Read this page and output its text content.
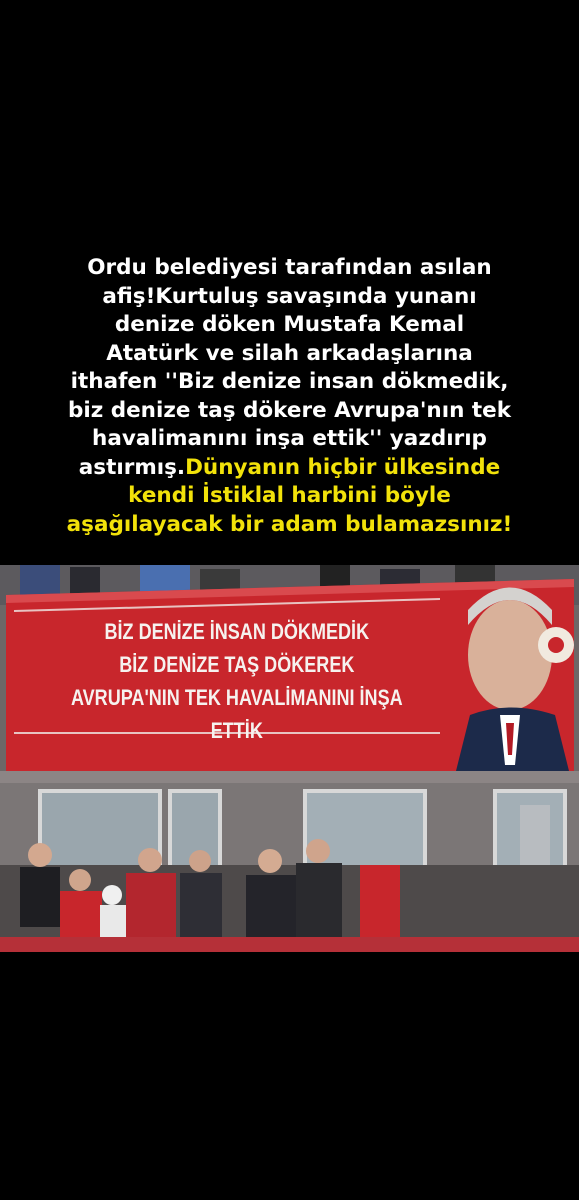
Ordu belediyesi tarafından asılan
afiş!Kurtuluş savaşında yunanı
denize döken Mustafa Kemal
Atatürk ve silah arkadaşlarına
ithafen ''Biz denize insan dökmedik,
biz denize taş dökere Avrupa'nın tek
havalimanını inşa ettik'' yazdırıp
astırmış.Dünyanın hiçbir ülkesinde
kendi İstiklal harbini böyle
aşağılayacak bir adam bulamazsınız!
BİZ DENİZE İNSAN DÖKMEDİK
BİZ DENİZE TAŞ DÖKEREK
AVRUPA'NIN TEK HAVALİMANINI İNŞA ETTİK
